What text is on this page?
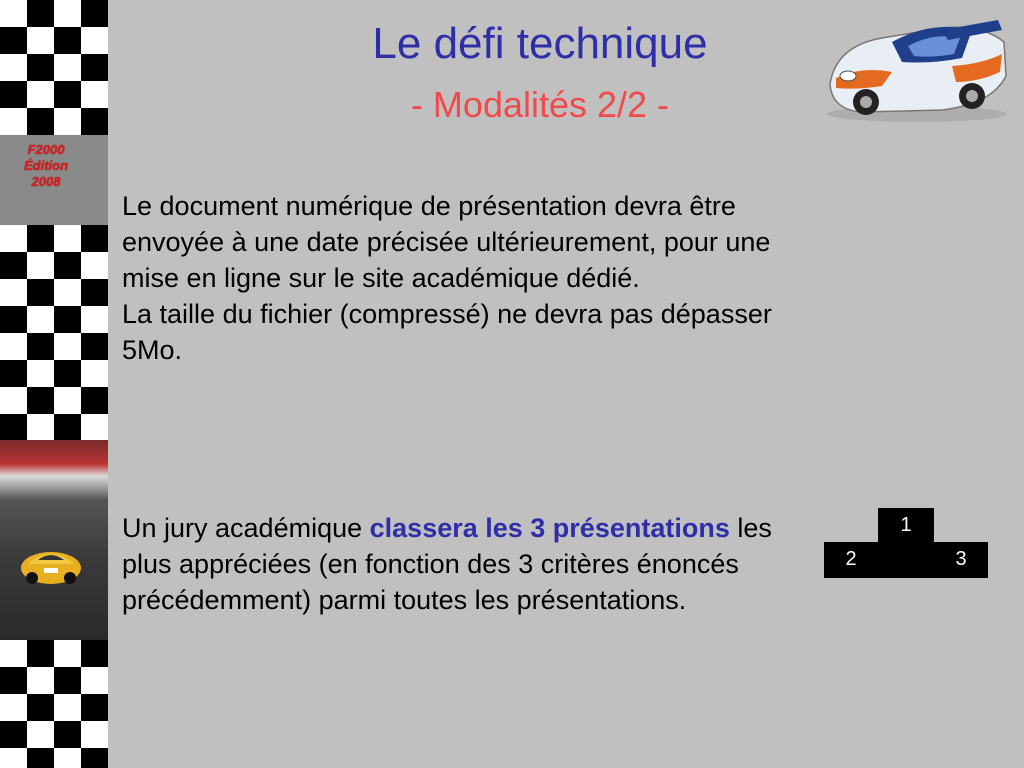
F2000
Édition
2008
Le défi technique
- Modalités 2/2 -
Le document numérique de présentation devra être envoyée à une date précisée ultérieurement, pour une mise en ligne sur le site académique dédié.
La taille du fichier (compressé) ne devra pas dépasser 5Mo.
Un jury académique classera les 3 présentations les plus appréciées (en fonction des 3 critères énoncés précédemment) parmi toutes les présentations.
1
2	3
